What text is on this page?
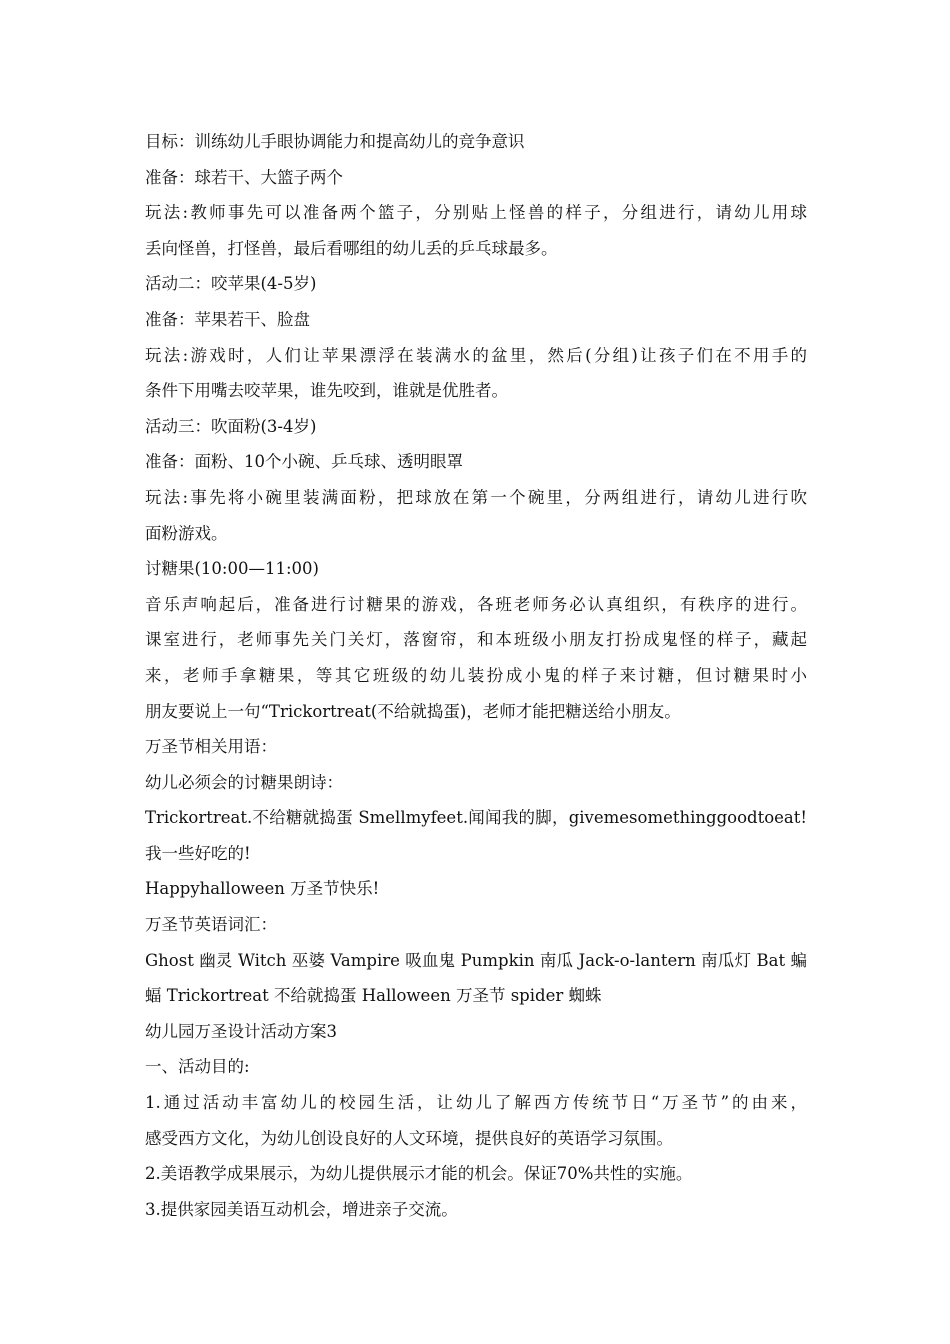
目标：训练幼儿手眼协调能力和提高幼儿的竞争意识
准备：球若干、大篮子两个
玩法:教师事先可以准备两个篮子，分别贴上怪兽的样子，分组进行，请幼儿用球
丢向怪兽，打怪兽，最后看哪组的幼儿丢的乒乓球最多。
活动二：咬苹果(4-5岁)
准备：苹果若干、脸盘
玩法:游戏时，人们让苹果漂浮在装满水的盆里，然后(分组)让孩子们在不用手的
条件下用嘴去咬苹果，谁先咬到，谁就是优胜者。
活动三：吹面粉(3-4岁)
准备：面粉、10个小碗、乒乓球、透明眼罩
玩法:事先将小碗里装满面粉，把球放在第一个碗里，分两组进行，请幼儿进行吹
面粉游戏。
讨糖果(10:00—11:00)
音乐声响起后，准备进行讨糖果的游戏，各班老师务必认真组织，有秩序的进行。
课室进行，老师事先关门关灯，落窗帘，和本班级小朋友打扮成鬼怪的样子，藏起
来，老师手拿糖果，等其它班级的幼儿装扮成小鬼的样子来讨糖，但讨糖果时小
朋友要说上一句“Trickortreat(不给就捣蛋)，老师才能把糖送给小朋友。
万圣节相关用语：
幼儿必须会的讨糖果朗诗：
Trickortreat.不给糖就捣蛋 Smellmyfeet.闻闻我的脚，givemesomethinggoodtoeat!
我一些好吃的!
Happyhalloween 万圣节快乐!
万圣节英语词汇：
Ghost 幽灵 Witch 巫婆 Vampire 吸血鬼 Pumpkin 南瓜 Jack-o-lantern 南瓜灯 Bat 蝙
蝠 Trickortreat 不给就捣蛋 Halloween 万圣节 spider 蜘蛛
幼儿园万圣设计活动方案3
一、活动目的:
1.通过活动丰富幼儿的校园生活，让幼儿了解西方传统节日“万圣节”的由来，
感受西方文化，为幼儿创设良好的人文环境，提供良好的英语学习氛围。
2.美语教学成果展示，为幼儿提供展示才能的机会。保证70%共性的实施。
3.提供家园美语互动机会，增进亲子交流。
